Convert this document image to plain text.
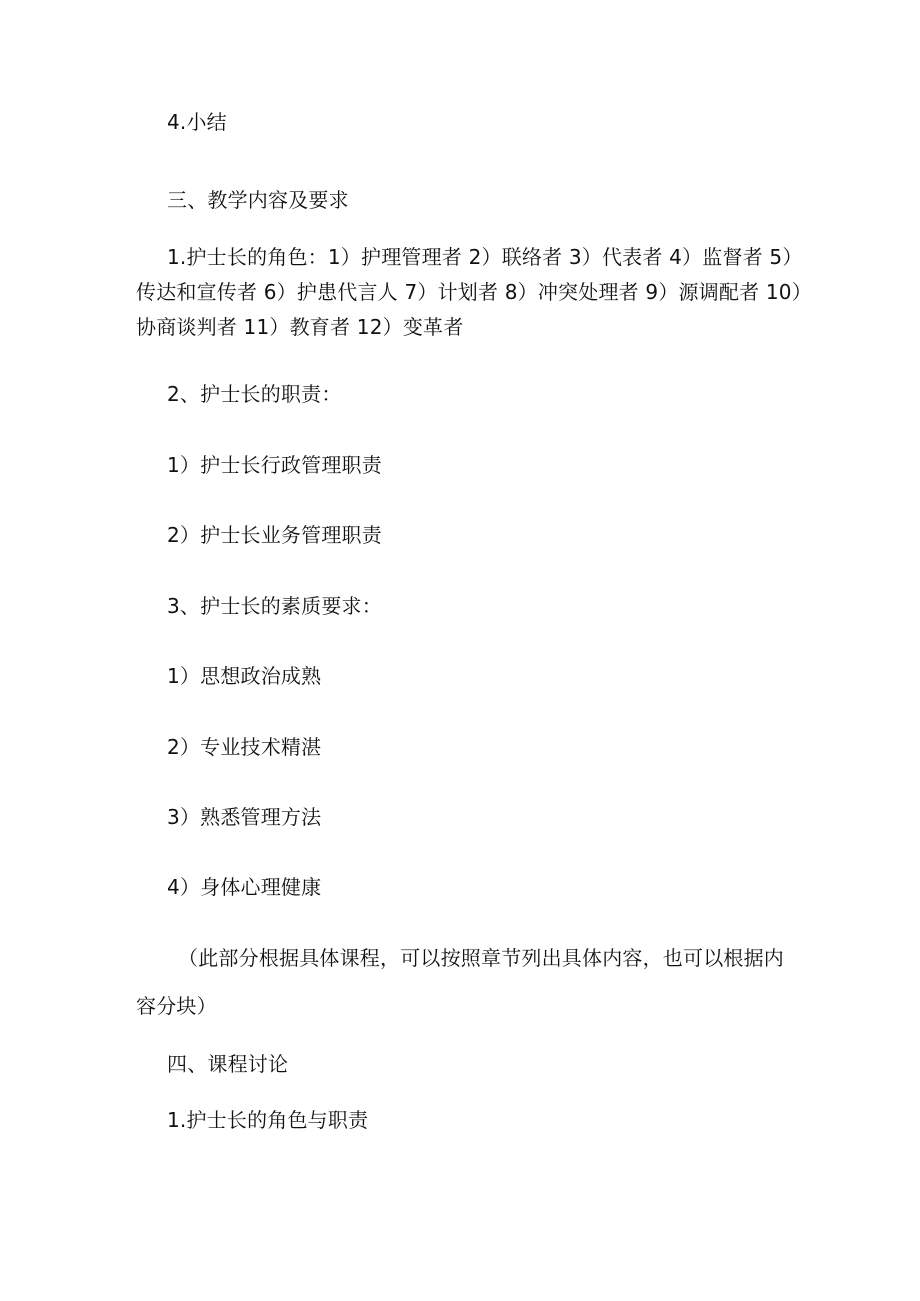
4.小结
三、教学内容及要求
1.护士长的角色：1）护理管理者 2）联络者 3）代表者 4）监督者 5）
传达和宣传者 6）护患代言人 7）计划者 8）冲突处理者 9）源调配者 10）
协商谈判者 11）教育者 12）变革者
2、护士长的职责：
1）护士长行政管理职责
2）护士长业务管理职责
3、护士长的素质要求：
1）思想政治成熟
2）专业技术精湛
3）熟悉管理方法
4）身体心理健康
（此部分根据具体课程，可以按照章节列出具体内容，也可以根据内
容分块）
四、课程讨论
1.护士长的角色与职责
